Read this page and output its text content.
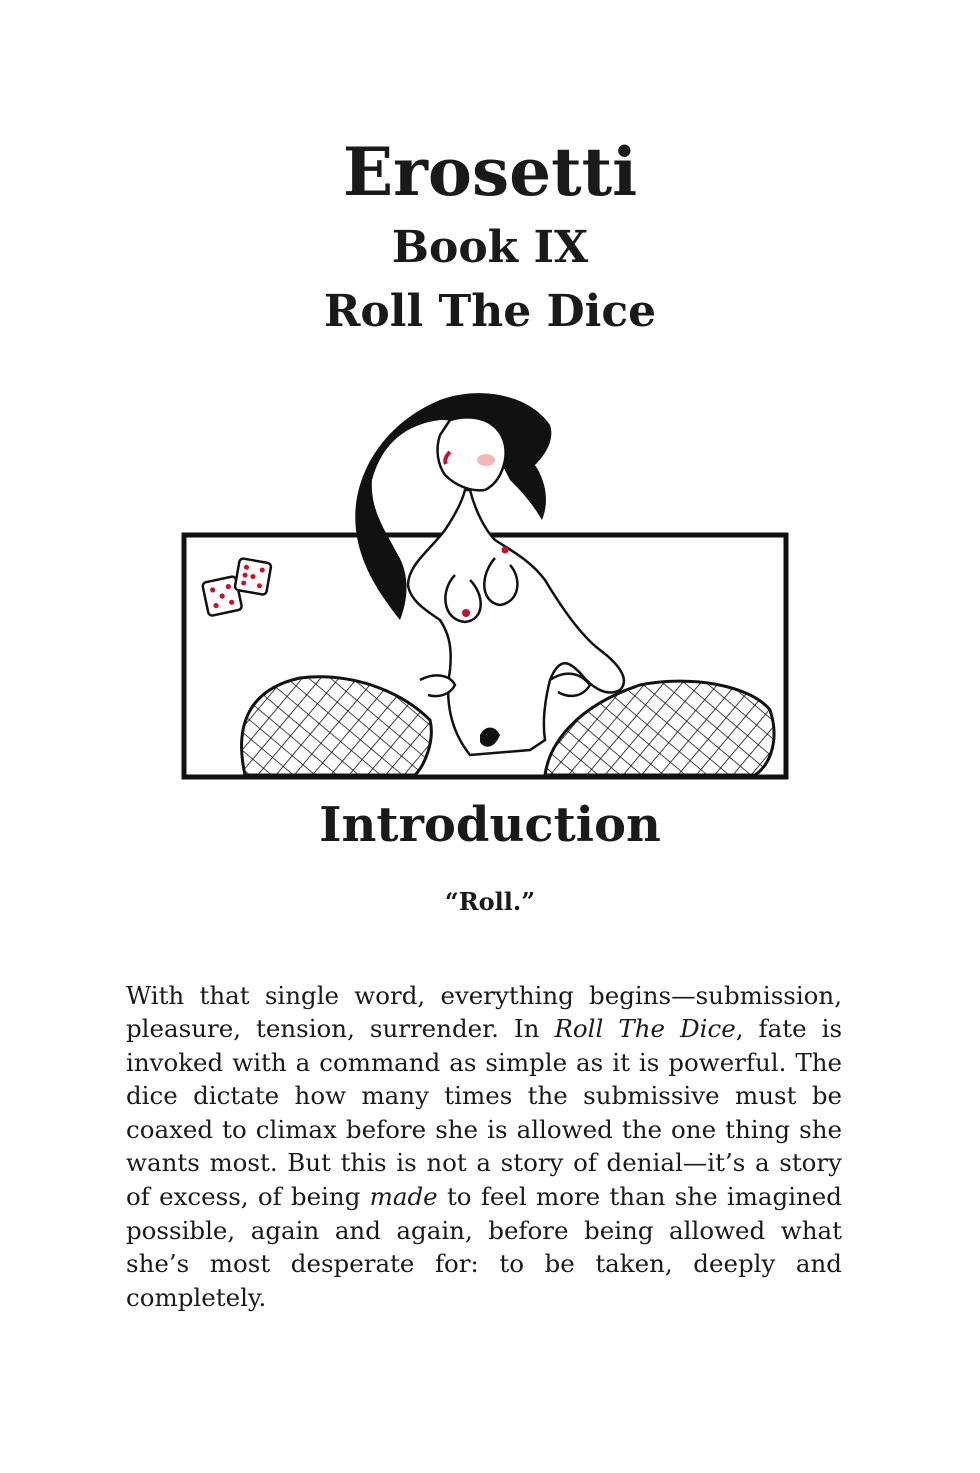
Erosetti
Book IX
Roll The Dice
Introduction
“Roll.”

With that single word, everything begins—submission, pleasure, tension, surrender. In Roll The Dice, fate is invoked with a command as simple as it is powerful. The dice dictate how many times the submissive must be coaxed to climax before she is allowed the one thing she wants most. But this is not a story of denial—it’s a story of excess, of being made to feel more than she imagined possible, again and again, before being allowed what she’s most desperate for: to be taken, deeply and completely.
